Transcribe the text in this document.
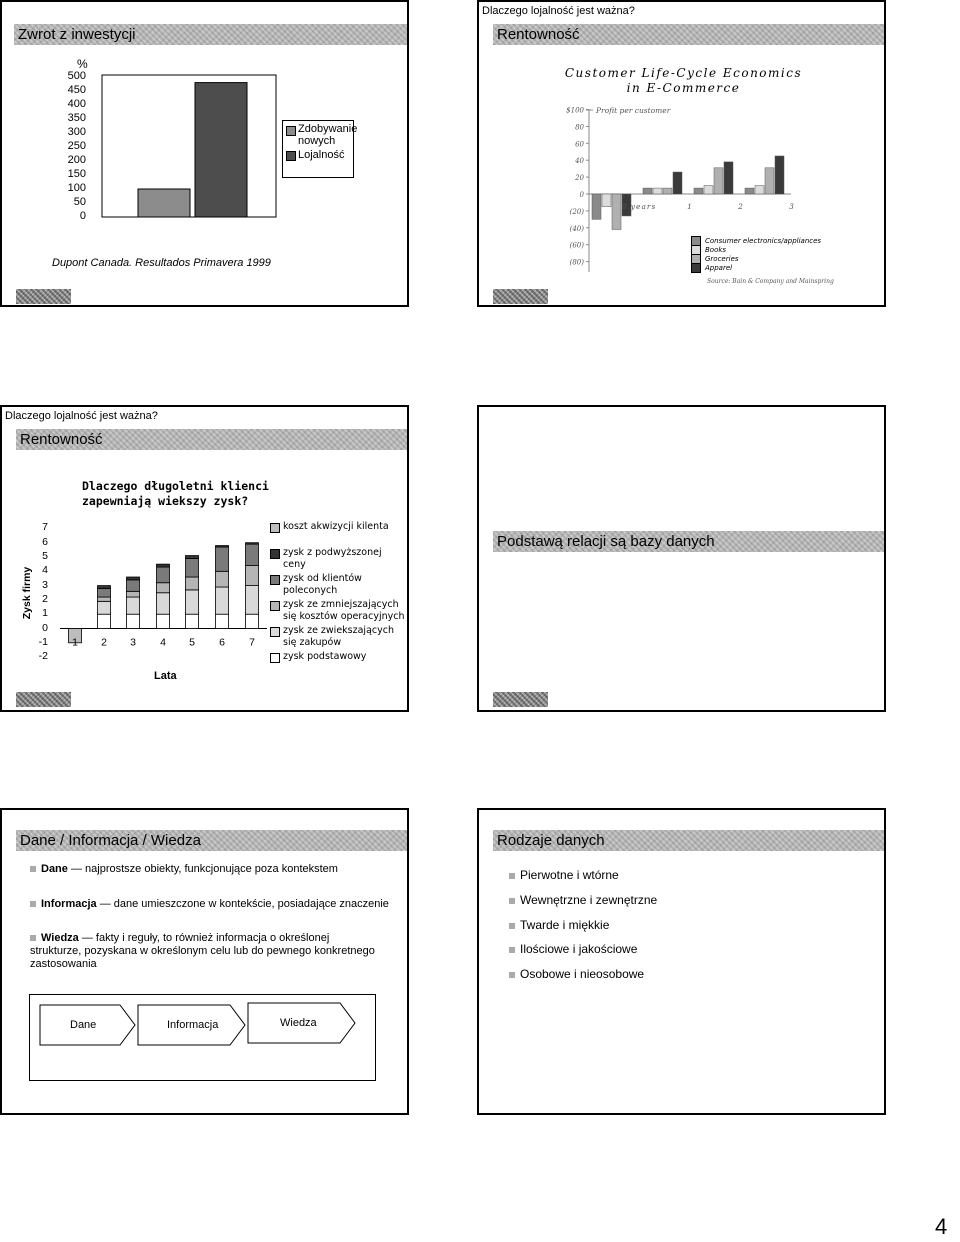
Zwrot z inwestycji
%
500
450
400
350
300
250
200
150
100
50
0
Zdobywanie nowych
Lojalność
Dupont Canada. Resultados Primavera 1999
Dlaczego lojalność jest ważna?
Rentowność
Customer Life-Cycle Economics
in E-Commerce
$100
80
60
40
20
0
(20)
(40)
(60)
(80)
Profit per customer
0 years	1	2	3
Consumer electronics/appliances
Books
Groceries
Apparel
Source: Bain & Company and Mainspring
Dlaczego lojalność jest ważna?
Rentowność
Dlaczego długoletni klienci
zapewniają wiekszy zysk?
Zysk firmy
7
6
5
4
3
2
1
0
-1
-2
1 2 3 4 5 6 7
Lata
koszt akwizycji kilenta
zysk z podwyższonej ceny
zysk od klientów poleconych
zysk ze zmniejszających się kosztów operacyjnych
zysk ze zwiekszających się zakupów
zysk podstawowy
Podstawą relacji są bazy danych
Dane / Informacja / Wiedza
Dane — najprostsze obiekty, funkcjonujące poza kontekstem
Informacja — dane umieszczone w kontekście, posiadające znaczenie
Wiedza — fakty i reguły, to również informacja o określonej strukturze, pozyskana w określonym celu lub do pewnego konkretnego zastosowania
Dane	Informacja	Wiedza
Rodzaje danych
Pierwotne i wtórne
Wewnętrzne i zewnętrzne
Twarde i miękkie
Ilościowe i jakościowe
Osobowe i nieosobowe
4
